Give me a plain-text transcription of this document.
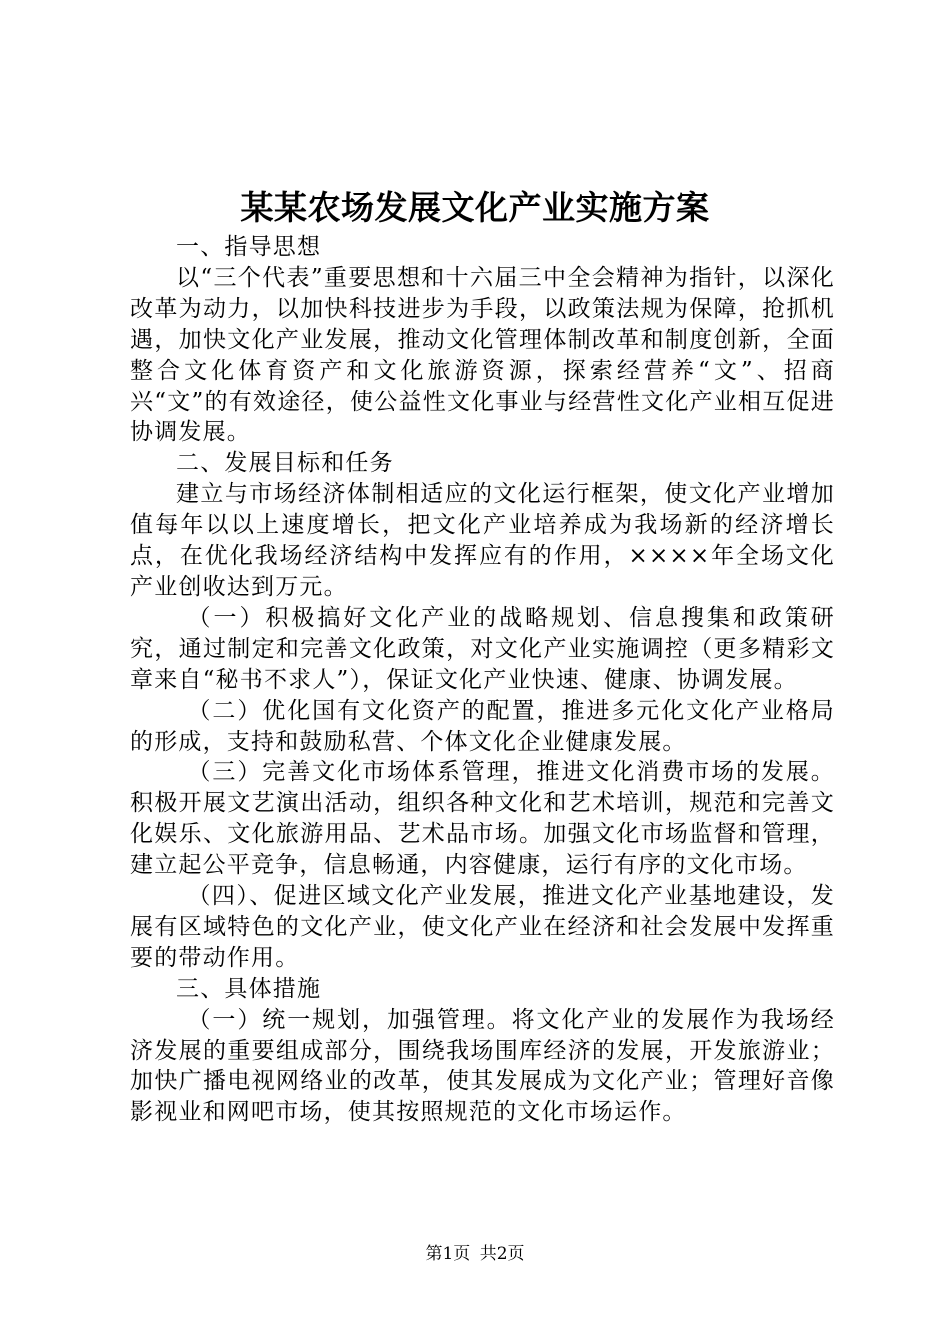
某某农场发展文化产业实施方案

一、指导思想

以“三个代表”重要思想和十六届三中全会精神为指针，以深化改革为动力，以加快科技进步为手段，以政策法规为保障，抢抓机遇，加快文化产业发展，推动文化管理体制改革和制度创新，全面整合文化体育资产和文化旅游资源，探索经营养“文”、招商兴“文”的有效途径，使公益性文化事业与经营性文化产业相互促进协调发展。

二、发展目标和任务

建立与市场经济体制相适应的文化运行框架，使文化产业增加值每年以以上速度增长，把文化产业培养成为我场新的经济增长点，在优化我场经济结构中发挥应有的作用，××××年全场文化产业创收达到万元。

（一）积极搞好文化产业的战略规划、信息搜集和政策研究，通过制定和完善文化政策，对文化产业实施调控（更多精彩文章来自“秘书不求人”），保证文化产业快速、健康、协调发展。

（二）优化国有文化资产的配置，推进多元化文化产业格局的形成，支持和鼓励私营、个体文化企业健康发展。

（三）完善文化市场体系管理，推进文化消费市场的发展。积极开展文艺演出活动，组织各种文化和艺术培训，规范和完善文化娱乐、文化旅游用品、艺术品市场。加强文化市场监督和管理，建立起公平竞争，信息畅通，内容健康，运行有序的文化市场。

（四）、促进区域文化产业发展，推进文化产业基地建设，发展有区域特色的文化产业，使文化产业在经济和社会发展中发挥重要的带动作用。

三、具体措施

（一）统一规划，加强管理。将文化产业的发展作为我场经济发展的重要组成部分，围绕我场围库经济的发展，开发旅游业；加快广播电视网络业的改革，使其发展成为文化产业；管理好音像影视业和网吧市场，使其按照规范的文化市场运作。

第1页 共2页
